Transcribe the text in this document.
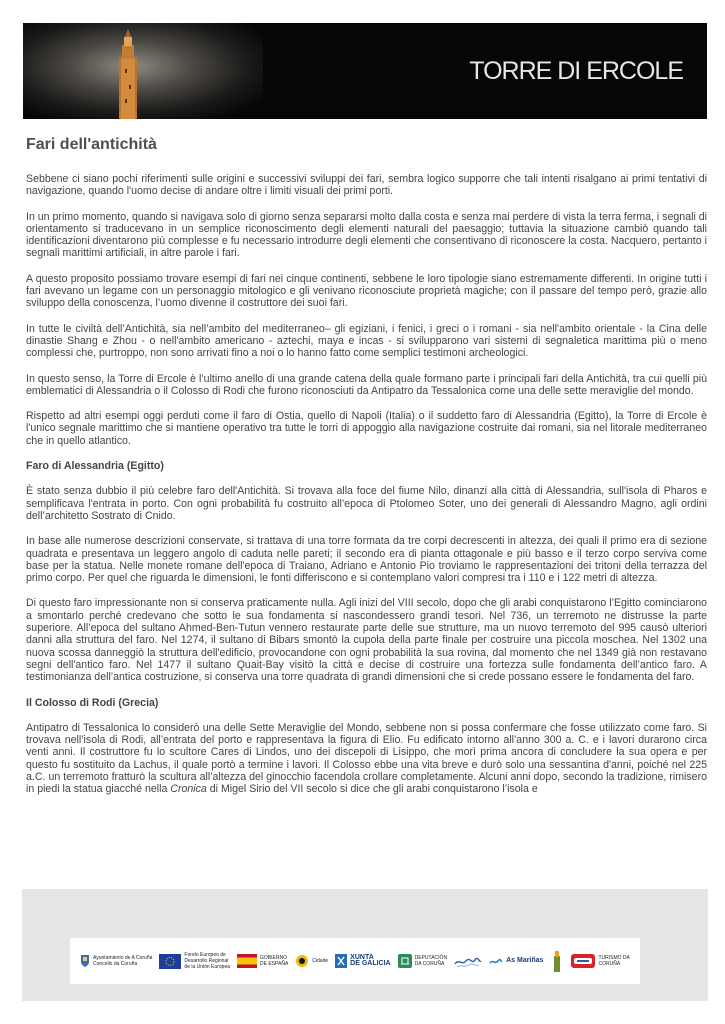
TORRE DI ERCOLE
Fari dell'antichità

Sebbene ci siano pochi riferimenti sulle origini e successivi sviluppi dei fari, sembra logico supporre che tali intenti risalgano ai primi tentativi di navigazione, quando l'uomo decise di andare oltre i limiti visuali dei primi porti.

In un primo momento, quando si navigava solo di giorno senza separarsi molto dalla costa e senza mai perdere di vista la terra ferma, i segnali di orientamento si traducevano in un semplice riconoscimento degli elementi naturali del paesaggio; tuttavia la situazione cambiò quando tali identificazioni diventarono più complesse e fu necessario introdurre degli elementi che consentivano di riconoscere la costa. Nacquero, pertanto i segnali marittimi artificiali, in altre parole i fari.

A questo proposito possiamo trovare esempi di fari nei cinque continenti, sebbene le loro tipologie siano estremamente differenti. In origine tutti i fari avevano un legame con un personaggio mitologico e gli venivano riconosciute proprietà magiche; con il passare del tempo però, grazie allo sviluppo della conoscenza, l’uomo divenne il costruttore dei suoi fari.

In tutte le civiltà dell’Antichità, sia nell’ambito del mediterraneo– gli egiziani, i fenici, i greci o i romani - sia nell'ambito orientale - la Cina delle dinastie Shang e Zhou - o nell'ambito americano - aztechi, maya e incas - si svilupparono vari sistemi di segnaletica marittima più o meno complessi che, purtroppo, non sono arrivati fino a noi o lo hanno fatto come semplici testimoni archeologici.

In questo senso, la Torre di Ercole è l’ultimo anello di una grande catena della quale formano parte i principali fari della Antichità, tra cui quelli più emblematici di Alessandria o il Colosso di Rodi che furono riconosciuti da Antipatro da Tessalonica come una delle sette meraviglie del mondo.

Rispetto ad altri esempi oggi perduti come il faro di Ostia, quello di Napoli (Italia) o il suddetto faro di Alessandria (Egitto), la Torre di Ercole è l'unico segnale marittimo che si mantiene operativo tra tutte le torri di appoggio alla navigazione costruite dai romani, sia nel litorale mediterraneo che in quello atlantico.

Faro di Alessandria (Egitto)

È stato senza dubbio il più celebre faro dell'Antichità. Si trovava alla foce del fiume Nilo, dinanzi alla città di Alessandria, sull'isola di Pharos e semplificava l'entrata in porto. Con ogni probabilità fu costruito all’epoca di Ptolomeo Soter, uno dei generali di Alessandro Magno, agli ordini dell’architetto Sostrato di Cnido.

In base alle numerose descrizioni conservate, si trattava di una torre formata da tre corpi decrescenti in altezza, dei quali il primo era di sezione quadrata e presentava un leggero angolo di caduta nelle pareti; il secondo era di pianta ottagonale e più basso e il terzo corpo serviva come base per la statua. Nelle monete romane dell'epoca di Traiano, Adriano e Antonio Pio troviamo le rappresentazioni dei tritoni della terrazza del primo corpo. Per quel che riguarda le dimensioni, le fonti differiscono e si contemplano valori compresi tra i 110 e i 122 metri di altezza.

Di questo faro impressionante non si conserva praticamente nulla. Agli inizi del VIII secolo, dopo che gli arabi conquistarono l’Egitto cominciarono a smontarlo perché credevano che sotto le sua fondamenta si nascondessero grandi tesori. Nel 736, un terremoto ne distrusse la parte superiore. All’epoca del sultano Ahmed-Ben-Tutun vennero restaurate parte delle sue strutture, ma un nuovo terremoto del 995 causò ulteriori danni alla struttura del faro. Nel 1274, il sultano di Bibars smontò la cupola della parte finale per costruire una piccola moschea. Nel 1302 una nuova scossa danneggiò la struttura dell'edificio, provocandone con ogni probabilità la sua rovina, dal momento che nel 1349 già non restavano segni dell'antico faro. Nel 1477 il sultano Quait-Bay visitò la città e decise di costruire una fortezza sulle fondamenta dell’antico faro. A testimonianza dell’antica costruzione, si conserva una torre quadrata di grandi dimensioni che si crede possano essere le fondamenta del faro.

Il Colosso di Rodi (Grecia)

Antipatro di Tessalonica lo considerò una delle Sette Meraviglie del Mondo, sebbene non si possa confermare che fosse utilizzato come faro. Si trovava nell’isola di Rodi, all’entrata del porto e rappresentava la figura di Elio. Fu edificato intorno all’anno 300 a. C. e i lavori durarono circa venti anni. Il costruttore fu lo scultore Cares di Lindos, uno dei discepoli di Lisippo, che morì prima ancora di concludere la sua opera e per questo fu sostituito da Lachus, il quale portò a termine i lavori. Il Colosso ebbe una vita breve e durò solo una sessantina d'anni, poiché nel 225 a.C. un terremoto fratturò la scultura all’altezza del ginocchio facendola crollare completamente. Alcuni anni dopo, secondo la tradizione, rimisero in piedi la statua giacché nella Cronica di Migel Sirio del VII secolo si dice che gli arabi conquistarono l’isola e

Ayuntamiento de A Coruña
Concello da Coruña
Fondo Europeo de
Desarrollo Regional
de la Unión Europea
GOBIERNO
DE ESPAÑA	Cidade	XUNTA
DE GALICIA
DEPUTACIÓN
DA CORUÑA	As Mariñas	TURISMO DA
CORUÑA
